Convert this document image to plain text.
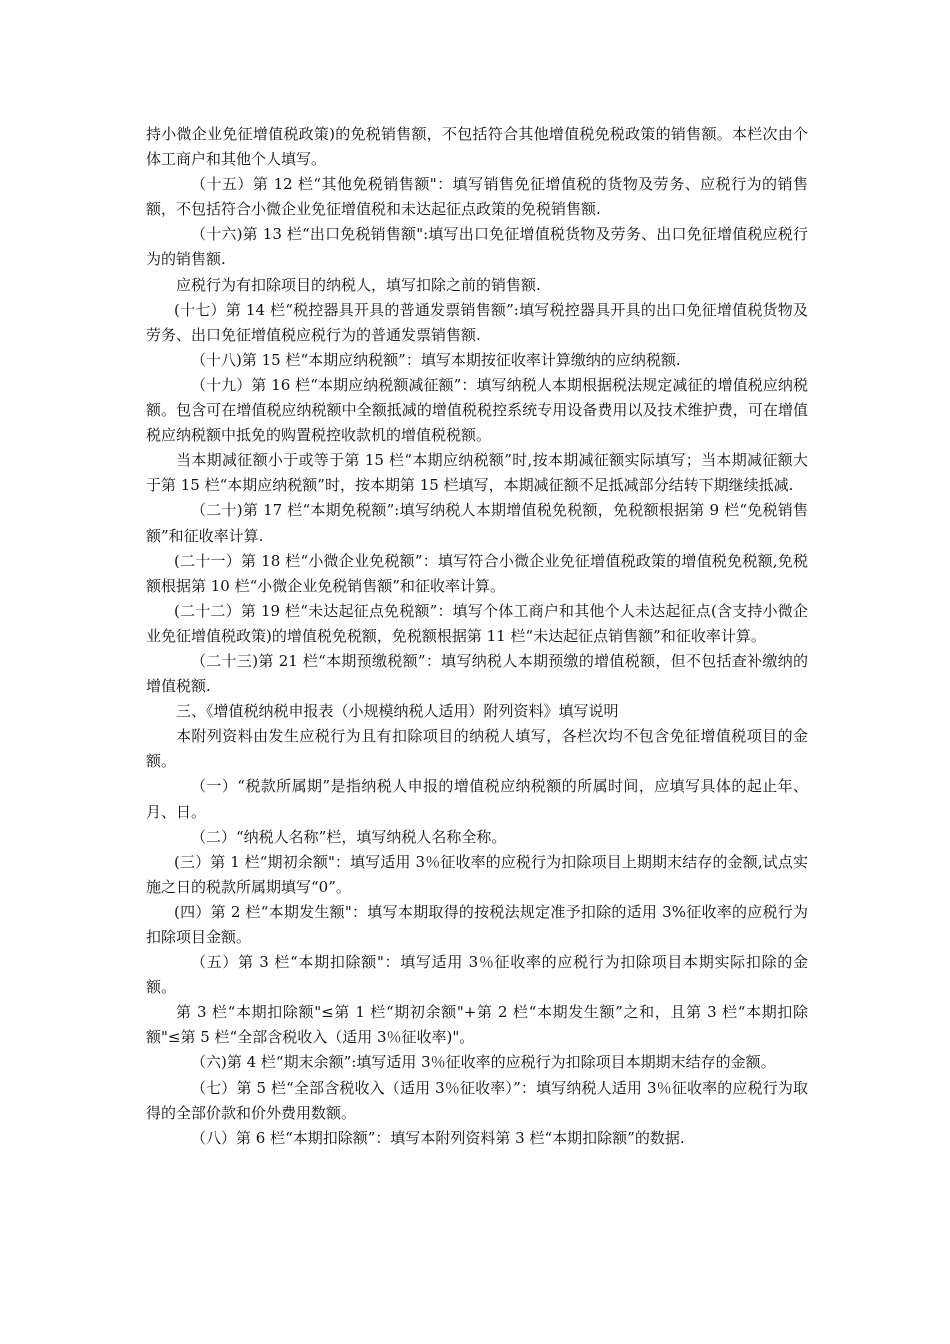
持小微企业免征增值税政策)的免税销售额，不包括符合其他增值税免税政策的销售额。本栏次由个体工商户和其他个人填写。

（十五）第 12 栏“其他免税销售额"：填写销售免征增值税的货物及劳务、应税行为的销售额，不包括符合小微企业免征增值税和未达起征点政策的免税销售额.

（十六)第 13 栏“出口免税销售额":填写出口免征增值税货物及劳务、出口免征增值税应税行为的销售额.

应税行为有扣除项目的纳税人，填写扣除之前的销售额.

(十七）第 14 栏“税控器具开具的普通发票销售额”:填写税控器具开具的出口免征增值税货物及劳务、出口免征增值税应税行为的普通发票销售额.

（十八)第 15 栏“本期应纳税额”：填写本期按征收率计算缴纳的应纳税额.

（十九）第 16 栏“本期应纳税额减征额”：填写纳税人本期根据税法规定减征的增值税应纳税额。包含可在增值税应纳税额中全额抵减的增值税税控系统专用设备费用以及技术维护费，可在增值税应纳税额中抵免的购置税控收款机的增值税税额。

当本期减征额小于或等于第 15 栏“本期应纳税额”时,按本期减征额实际填写；当本期减征额大于第 15 栏“本期应纳税额”时，按本期第 15 栏填写，本期减征额不足抵减部分结转下期继续抵减.

（二十)第 17 栏“本期免税额”:填写纳税人本期增值税免税额，免税额根据第 9 栏“免税销售额”和征收率计算.

(二十一）第 18 栏“小微企业免税额”：填写符合小微企业免征增值税政策的增值税免税额,免税额根据第 10 栏“小微企业免税销售额”和征收率计算。

(二十二）第 19 栏“未达起征点免税额”：填写个体工商户和其他个人未达起征点(含支持小微企业免征增值税政策)的增值税免税额，免税额根据第 11 栏“未达起征点销售额”和征收率计算。

（二十三)第 21 栏“本期预缴税额”：填写纳税人本期预缴的增值税额，但不包括查补缴纳的增值税额.

三、《增值税纳税申报表（小规模纳税人适用）附列资料》填写说明

本附列资料由发生应税行为且有扣除项目的纳税人填写，各栏次均不包含免征增值税项目的金额。

（一）“税款所属期”是指纳税人申报的增值税应纳税额的所属时间，应填写具体的起止年、月、日。

（二）“纳税人名称”栏，填写纳税人名称全称。

(三）第 1 栏“期初余额"：填写适用 3％征收率的应税行为扣除项目上期期末结存的金额,试点实施之日的税款所属期填写“0”。

(四）第 2 栏“本期发生额"：填写本期取得的按税法规定准予扣除的适用 3%征收率的应税行为扣除项目金额。

（五）第 3 栏“本期扣除额"：填写适用 3％征收率的应税行为扣除项目本期实际扣除的金额。

第 3 栏“本期扣除额"≤第 1 栏“期初余额"+第 2 栏“本期发生额”之和，且第 3 栏“本期扣除额"≤第 5 栏“全部含税收入（适用 3％征收率)"。

（六)第 4 栏“期末余额”:填写适用 3％征收率的应税行为扣除项目本期期末结存的金额。

（七）第 5 栏“全部含税收入（适用 3％征收率）”：填写纳税人适用 3％征收率的应税行为取得的全部价款和价外费用数额。

（八）第 6 栏“本期扣除额”：填写本附列资料第 3 栏“本期扣除额”的数据.
